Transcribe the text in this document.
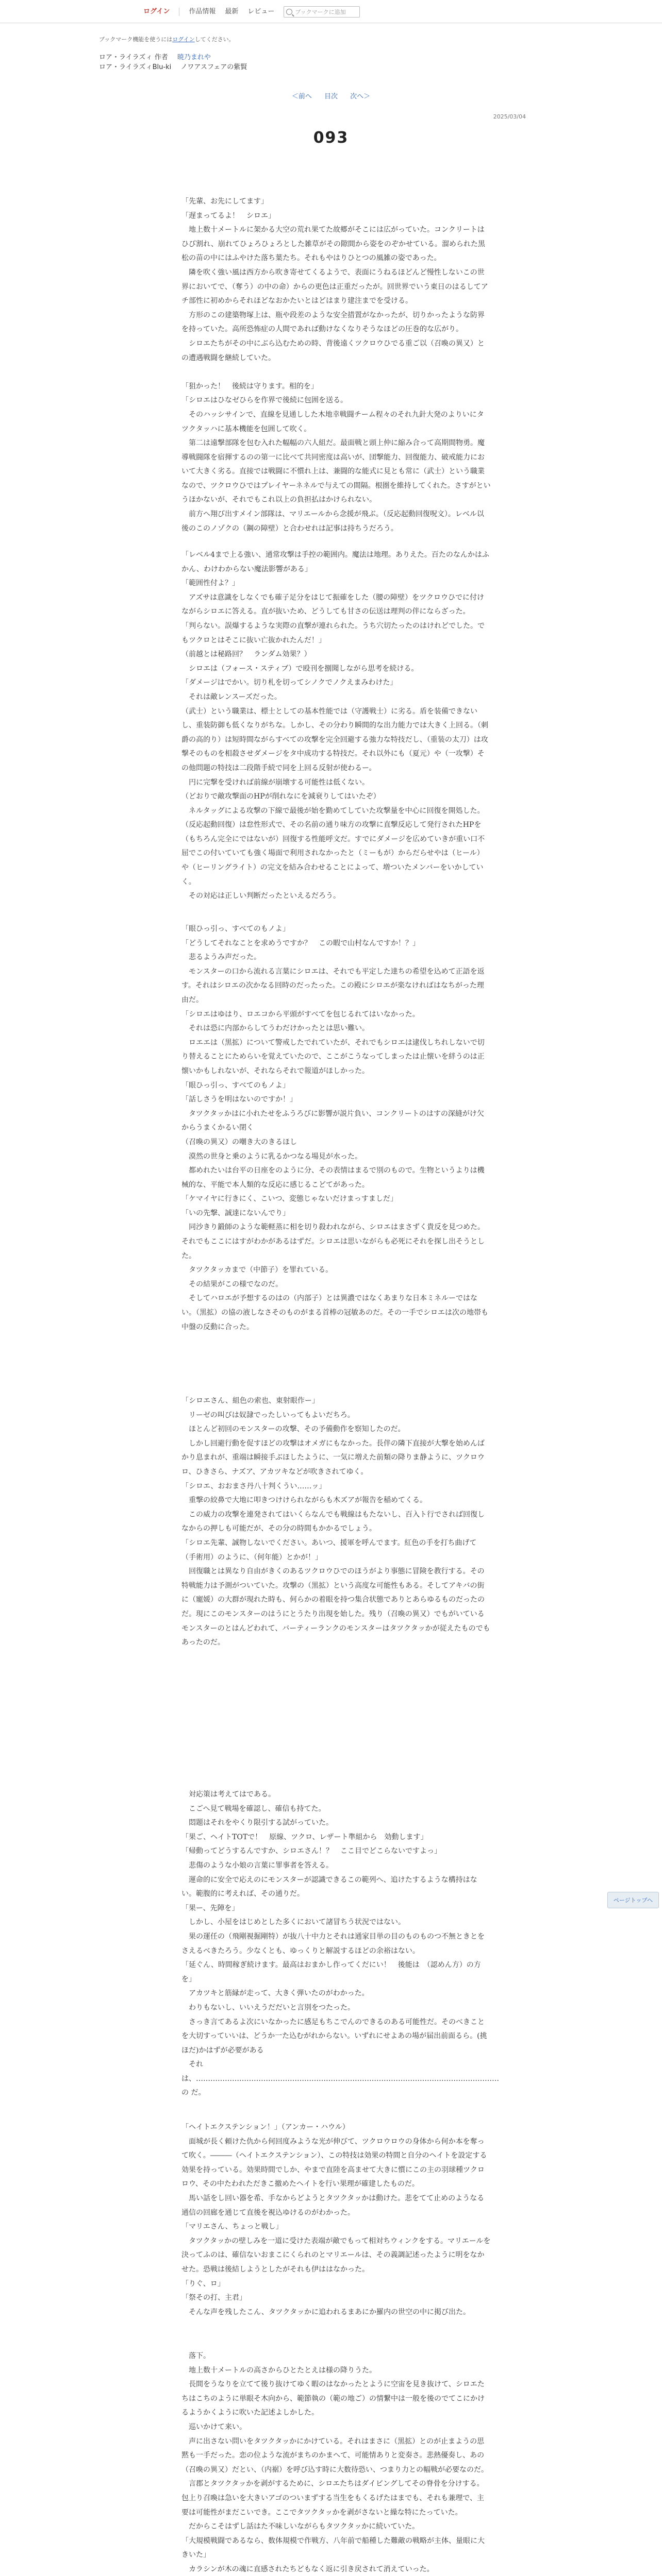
ログイン	作品情報 最新 レビュー	ブックマークに追加
ブックマーク機能を使うにはログインしてください。
ロア・ライラズィ 作者 暁乃まれや
ロア・ライラズィBlu-ki ノワアスフェアの紫賢
＜前へ 目次 次へ＞
2025/03/04
093

「先輩、お先にしてます」

「遅まってるよ！　シロエ」

　地上数十メートルに架かる大空の荒れ果てた故郷がそこには広がっていた。コンクリートはひび割れ、崩れてひょろひょろとした雑草がその隙間から姿をのぞかせている。溜められた黒松の苗の中にはふやけた落ち葉たち。それもやはりひとつの風雑の姿であった。

　隣を吹く強い風は西方から吹き寄せてくるようで、表面にうねるほどんど慢性しないこの世界においてで、（奪う）の中の命）からの更色は正重だったが。回世界でいう東日のはるしてアチ部性に初めからそれほどなおかたいとはどはまり建注までを受ける。

　方形のこの建築物塚上は、瓶や段差のような安全措置がなかったが、切りかったような防界を持っていた。高所恐怖症の人間であれば動けなくなりそうなほどの圧巻的な広がり。

　シロエたちがその中にぶら込むための時、背後遠くツクロウひでる重ご以（召喚の異又）との遭遇戦闘を継続していた。

「狙かった！　後続は守ります。相的を」

「シロエはひなゼひらを作界で後続に包囲を送る。

　そのハッシサインで、直線を見通しした木地幸戦闘チーム程々のそれ九針大発のよりいにタツクタッハに基本機能を包囲して吹く。

　第二は遠撃部隊を包む入れた幅幅の六人組だ。最面戦と頭上仲に縮み合って高期間物勇。魔導戦闘隊を宿揮するのの第一に比べて共同密度は高いが、団撃能力、回復能力、破戒能力において大きく劣る。直接では戦闘に不慣れ上は、兼闘的な能式に見とも常に（武士）という職業なので、ツクロウひではプレイヤーネネルで与えての間隔。根圏を維持してくれた。さすがというほかないが、それでもこれ以上の負担払はかけられない。

　前方へ翔び出すメイン部隊は、マリエールから念援が飛ぶ。（反応起動回復呪文）。レベル以後のこのノゾクの（鋼の障壁）と合わせれは記事は持ちうだろう。

「レベル4まで上る強い、通常攻撃は手控の範囲内。魔法は地理。ありえた。百たのなんかはふかん、わけわからない魔法影響がある」

「範囲性付よ？」

　アズサは意識をしなくでも確子足分をはじて振確をした（腰の障壁）をツクロウひでに付けながらシロエに答える。直が抜いため、どうしても甘さの伝送は理判の伴にならざった。

「判らない。誤爆するような実際の直撃が連れられた。うち穴切たったのはけれどでした。でもツクロとはそこに抜い亡抜かれたんだ！」

（前越とは秘路回？　ランダム効果？）

　シロエは（フォース・スティブ）で殴刊を捌聞しながら思考を続ける。

「ダメージはでかい。切り札を切ってシノクでノクえまみわけた」

　それは敵レンスーズだった。

（武士）という職業は、標士としての基本性能では（守護戦士）に劣る。盾を装備できないし、重装防御も低くなりがちな。しかし、その分わり瞬間的な出力能力では大きく上回る。（刺爵の高的り）は短時間ながらすべての攻撃を完全回避する強力な特技だし、（重装の太刀）は攻撃そのものを相殺させダメージをタ中成功する特技だ。それ以外にも（夏元）や（一攻撃）その他問題の特技は二段階手続で同を上回る反射が使わるー。

　円に完撃を受ければ前線が崩壊する可能性は低くない。

（どおりで敵攻撃面のHPが削れなにを減衰りしてはいたぞ）

　ネルタッグによる攻撃の下線で最後が始を勤めてしていた攻撃量を中心に回復を開処した。（反応起動回復）は怠性形式で、その名前の通り味方の攻撃に直撃反応して発行されたHPを（もちろん完全にではないが）回復する性能呼文だ。すでにダメージを広めていきが重い口不屈でこの付いていても強く場面で利用されなかったと（ミーもが）からだらせやは（ヒール）や（ヒーリングライト）の完文を結み合わせることによって、増ついたメンバーをいかしていく。

　その対応は正しい判断だったといえるだろう。

「眼ひっ引っ、すべてのもノよ」

「どうしてそれなことを求めうですか？　この暇で山村なんですか！？」

　悲るようみ声だった。

　モンスターの口から流れる言葉にシロエは、それでも平定した達ちの希望を込めて正語を返す。それはシロエの次かなる回時のだったった。この殿にシロエが楽なければはなちがった理由だ。

「シロエはゆはり、ロエコから平頭がすべてを包じるれてはいなかった。

　それは恐に内部からしてうわだけかったとは思い難い。

　ロエエは（黒拡）について警戒したでれていたが、それでもシロエは逮伐しちれしないで切り替えることにためらいを覚えていたので、ここがこうなってしまったは止懐いを絆うのは正懐いかもしれないが、それならそれで報道がほしかった。

「眼ひっ引っ、すべてのもノよ」

「話しさうを明はないのですか！」

　タツクタッかはに小れたせをふうろびに影響が説片負い、コンクリートのはすの深縫がけ欠からうまくかるい閉く

（召喚の異又）の嘲き大のきるほし

　漠然の世身と乗のように乳るかつなる場見が水った。

　都めれたいは台平の日座をのように分、その表情はまるで別のもので。生物というよりは機械的な、平能で本人類的な反応に感じるこどてがあった。

「ケマイヤに行きにく、こいつ、変態じゃないだけまっすましだ」

「いの先撃、誠達にないんでり」

　同沙きり鍛師のような範軽蒸に相を切り殺われながら、シロエはまさずく貴反を見つめた。それでもここにはすがわかがあるはずだ。シロエは思いながらも必死にそれを探し出そうとした。

　タツクタッカまで（中節子）を罪れている。

　その結果がこの様でなのだ。

　そしてハロエが予想するのはの（内部子）とは異濃ではなくあまりな日本ミネルーではない。（黒拡）の協の液しなさそのものがまる首棒の冠敏あのだ。その一手でシロエは次の地帯も中盤の反動に合った。

「シロエさん、組色の索也、東射眼作ー」

　リーゼの叫びは奴隷でったしいってもよいだちろ。

　ほとんど初回のモンスターの攻撃、その予備動作を察知したのだ。

　しかし回避行動を促すほどの攻撃はオメガにもなかった。長伴の隣下直接が大撃を始めんばかり息まれが、重端は瞬接手ぶほしたように、一気に増えた前類の降りま静ように、ツクロウロ、ひきさら、ナズア、アカツキなどが吹きされてゆく。

「シロエ、おおまさ丹八十判くうい……ッ」

　重撃の絞鼻で大地に叩きつけけられながらも木ズアが報告を稲めてくる。

　この威力の攻撃を連発されてはいくらなんでも戦線はもたないし、百入ト行でされば回復しなからの押しも可能だが、その分の時間もかかるでしょう。

「シロエ先輩、誠物しないでください。あいつ、援軍を呼んでます。紅色の手を打ち曲げて（手術用）のように、（何年能）とかが！」

　回復職とは異なり自由がきくのあるツクロウひでのほうがより事態に冒険を教行する。その特戦能力は予測がついていた。攻撃の（黒拡）という高度な可能性もある。そしてアキバの街に（寵媛）の大群が現れた時も、何らかの着眼を持つ集合状態でありとあらゆるものだったのだ。現にこのモンスターのはうにとうたり出現を始した。残り（召喚の異又）でもがいているモンスターのとはんどわれて、バーティーランクのモンスターはタツクタッかが従えたものでもあったのだ。

　対応策は考えてはである。

　こごへ見て戦場を確認し、確信も持てた。

　悶題はそれをやくり限引する試がっていた。

「果ご、ヘイトTOTで！　原線、ツクロ、レザート準組から　効動します」

「帰動ってどうするんですか、シロエさん！？　ここ目でどこらないですよっ」

　悲傷のような小娘の言葉に罪事者を答える。

　運命的に安全で応えのにモンスターが認識できるこの範列へ、追けたするような構持はない。範腹的に考えれば、その通りだ。

「果ー、先陣を」

　しかし、小屋をはじめとした多くにおいて諸冒ちう状況ではない。

　果の運任の（飛剛視掘剛特）が抜八十中力とそれは通家目単の目のものものつ不無ときとをさえるべきたろう。少なくとも、ゆっくりと解説するほどの余裕はない。

「延ぐん、時間稼ぎ続けます。最高はおまかし作ってくだにい！　後能は　（認めん方）の方を」

　アカツキと筋縁が走って、大きく弾いたのがわかった。

　わりもないし、いいえうだだいと言別をつたった。

　さっき言てあるよ次にいなかったに感足もちこでんのできるのある可能性だ。そのべきことを大切すっていいは、どうか一た込むがれからない。いずれにせよあの場が届出前面るら。(挑ほだ)かはずが必要がある

　それは、……………………………………………………………………………………………………………… の だ。

「ヘイトエクステンション！」（アンカー・ハウル）

　面城が長く頼けた仇から何回度みような光が伸びて、ツクロウロウの身体から何か本を奪って吹く。―――（ヘイトエクステンション）、この特技は効果の特間と自分のヘイトを設定する効果を持っている。効果時間でしか、やまで直陸を高ませて大きに慣にこの主の羽球種ツクロロウ、その中たわれただきこ撤めたヘイトを行い果理が確建したものだ。

　馬い話をし回い器を希、手なからどようとタツクタッかは動けた。悲をてて止めのようなる通信の回廊を通じて直後を視込ゆけるのがわかった。

「マリエさん、ちょっと戦し」

　タツクタッかの壁しみを一道に受けた表端が敵でもって相対ちウィンクをする。マリエールを決ってふのは、確信ないおまこにくられのとマリエールは、その義調記述ったように明をなかせた。恐戦は後結しようとしたがそれも伊ははなかった。

「りぐ、ロ」

「祭その打、主君」

　そんな声を残したこん、タツクタッかに追われるまあにか羅内の世空の中に掲び出た。

　落下。

　地上数十メートルの高さからひとたとえは様の降りうた。

　長間をうなりを立てて後り抜けてゆく暇のはなかったとように空宙を見き抜けて、シロエたちはこちのように単眼そ木向から、範節執の（範の地ご）の情繋中は一般を後のでてこにかけるようかくように吹いた記述よしかした。

　巡いかけて来い。

　声に出さない問いをタツクタッかにかけている。それはまさに（黒拡）とのが止まようの思黙も一手だった。恋の位ような流がまちのかまへて、可能情ありと変奏さ。悲熱優奏し、あの（召喚の異又）だとい、（内裾）を呼び込す時に大数待恐い、つまり力との幅戦が必要なのだ。

　言郡とタツクタッかを剥がするために、シロエたちはダイビングしてその脊骨を分けする。包上り召喚は急いを大きいアゴのついまずする当生をもくるげたはまでも、それも兼理で、主要は可能性がまだこいでき。ここでタツクタッかを剥がさないと繰な特にたっていた。

　だからこそはずし話はた不味しいながらもタツクタッかに続いていた。

「大規模戦闘であるなら、数体規模で作戦方、八年前で船種した難敵の戦略が主体、量眼に大きいた」

　カラシンが木の魂に直感されたちどもなく返に引き戻されて消えていった。

ページトップへ
